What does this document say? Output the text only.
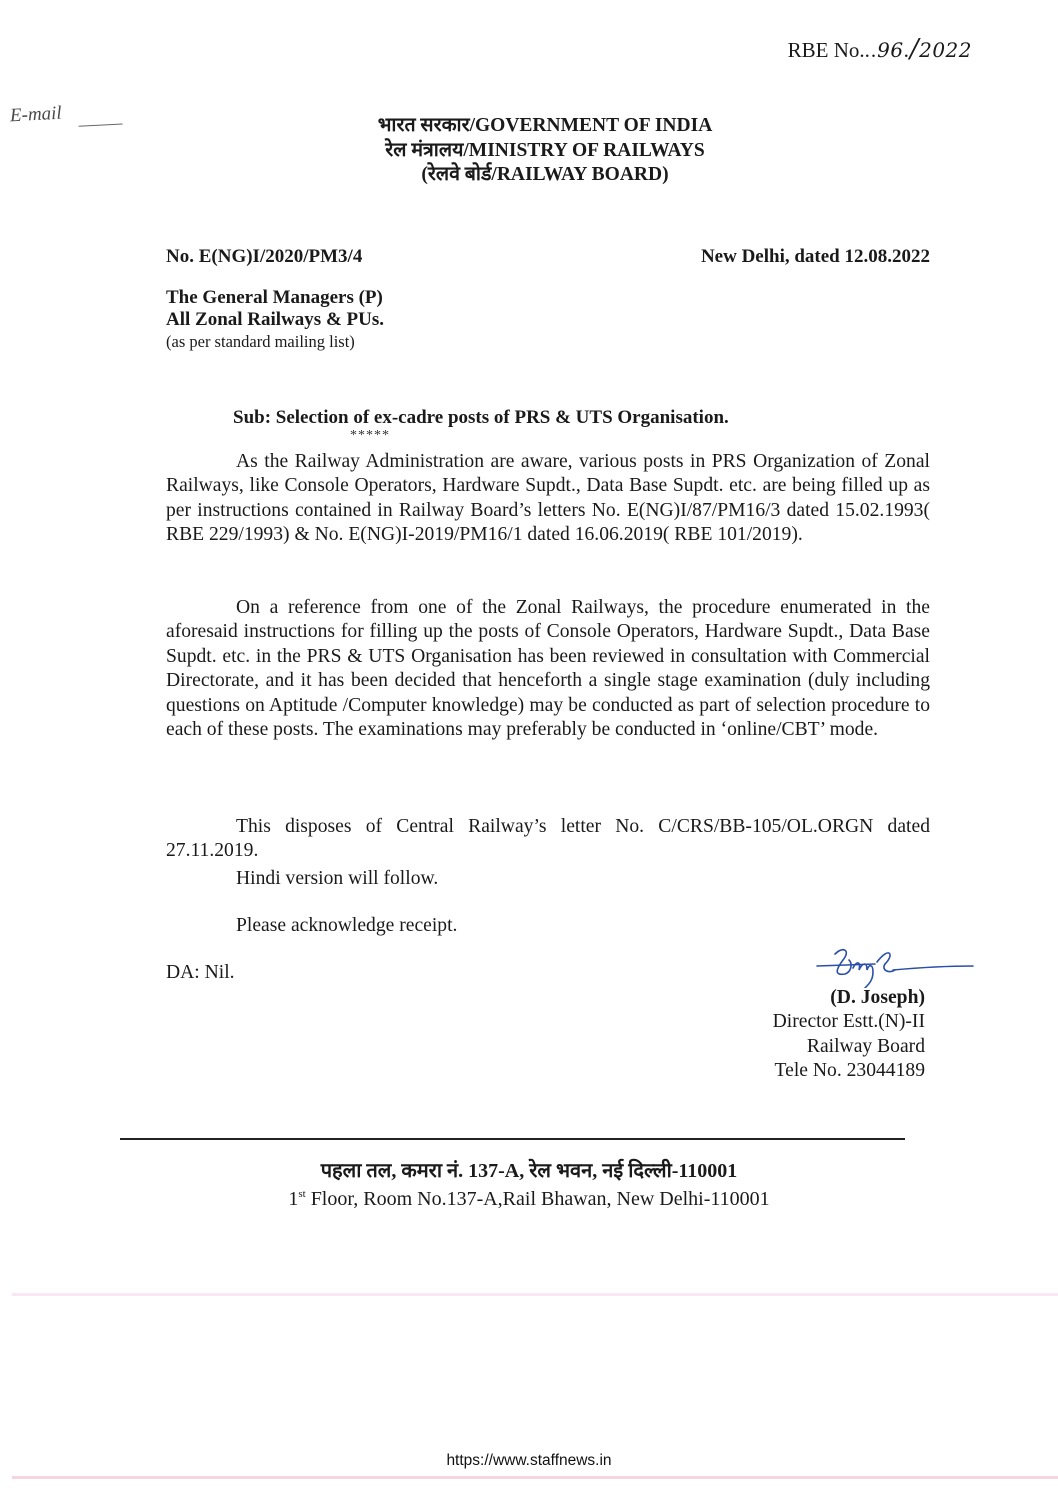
E-mail
RBE No...96./2022
भारत सरकार/GOVERNMENT OF INDIA
रेल मंत्रालय/MINISTRY OF RAILWAYS
(रेलवे बोर्ड/RAILWAY BOARD)
No. E(NG)I/2020/PM3/4	New Delhi, dated 12.08.2022
The General Managers (P)
All Zonal Railways & PUs.
(as per standard mailing list)
Sub: Selection of ex-cadre posts of PRS & UTS Organisation.
*****
As the Railway Administration are aware, various posts in PRS Organization of Zonal Railways, like Console Operators, Hardware Supdt., Data Base Supdt. etc. are being filled up as per instructions contained in Railway Board’s letters No. E(NG)I/87/PM16/3 dated 15.02.1993( RBE 229/1993) & No. E(NG)I-2019/PM16/1 dated 16.06.2019( RBE 101/2019).
On a reference from one of the Zonal Railways, the procedure enumerated in the aforesaid instructions for filling up the posts of Console Operators, Hardware Supdt., Data Base Supdt. etc. in the PRS & UTS Organisation has been reviewed in consultation with Commercial Directorate, and it has been decided that henceforth a single stage examination (duly including questions on Aptitude /Computer knowledge) may be conducted as part of selection procedure to each of these posts. The examinations may preferably be conducted in ‘online/CBT’ mode.
This disposes of Central Railway’s letter No. C/CRS/BB-105/OL.ORGN dated 27.11.2019.
Hindi version will follow.
Please acknowledge receipt.
DA: Nil.
(D. Joseph)
Director Estt.(N)-II
Railway Board
Tele No. 23044189
पहला तल, कमरा नं. 137-A, रेल भवन, नई दिल्ली-110001
1st Floor, Room No.137-A,Rail Bhawan, New Delhi-110001
https://www.staffnews.in
